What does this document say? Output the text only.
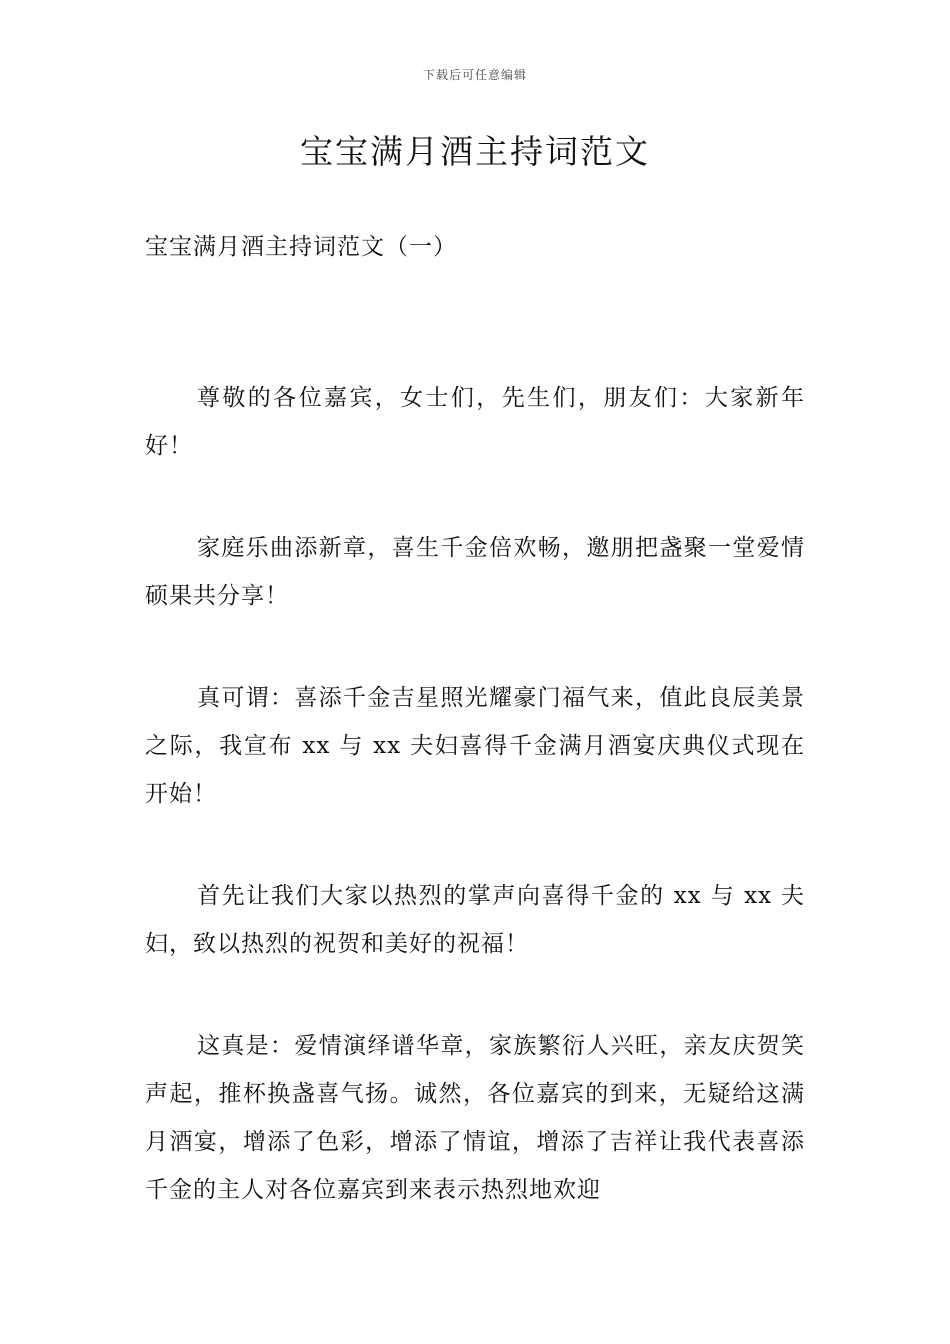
下载后可任意编辑
宝宝满月酒主持词范文
宝宝满月酒主持词范文（一）

尊敬的各位嘉宾，女士们，先生们，朋友们：大家新年好！

家庭乐曲添新章，喜生千金倍欢畅，邀朋把盏聚一堂爱情硕果共分享！

真可谓：喜添千金吉星照光耀豪门福气来，值此良辰美景之际，我宣布 xx 与 xx 夫妇喜得千金满月酒宴庆典仪式现在开始！

首先让我们大家以热烈的掌声向喜得千金的 xx 与 xx 夫妇，致以热烈的祝贺和美好的祝福！

这真是：爱情演绎谱华章，家族繁衍人兴旺，亲友庆贺笑声起，推杯换盏喜气扬。诚然，各位嘉宾的到来，无疑给这满月酒宴，增添了色彩，增添了情谊，增添了吉祥让我代表喜添千金的主人对各位嘉宾到来表示热烈地欢迎
